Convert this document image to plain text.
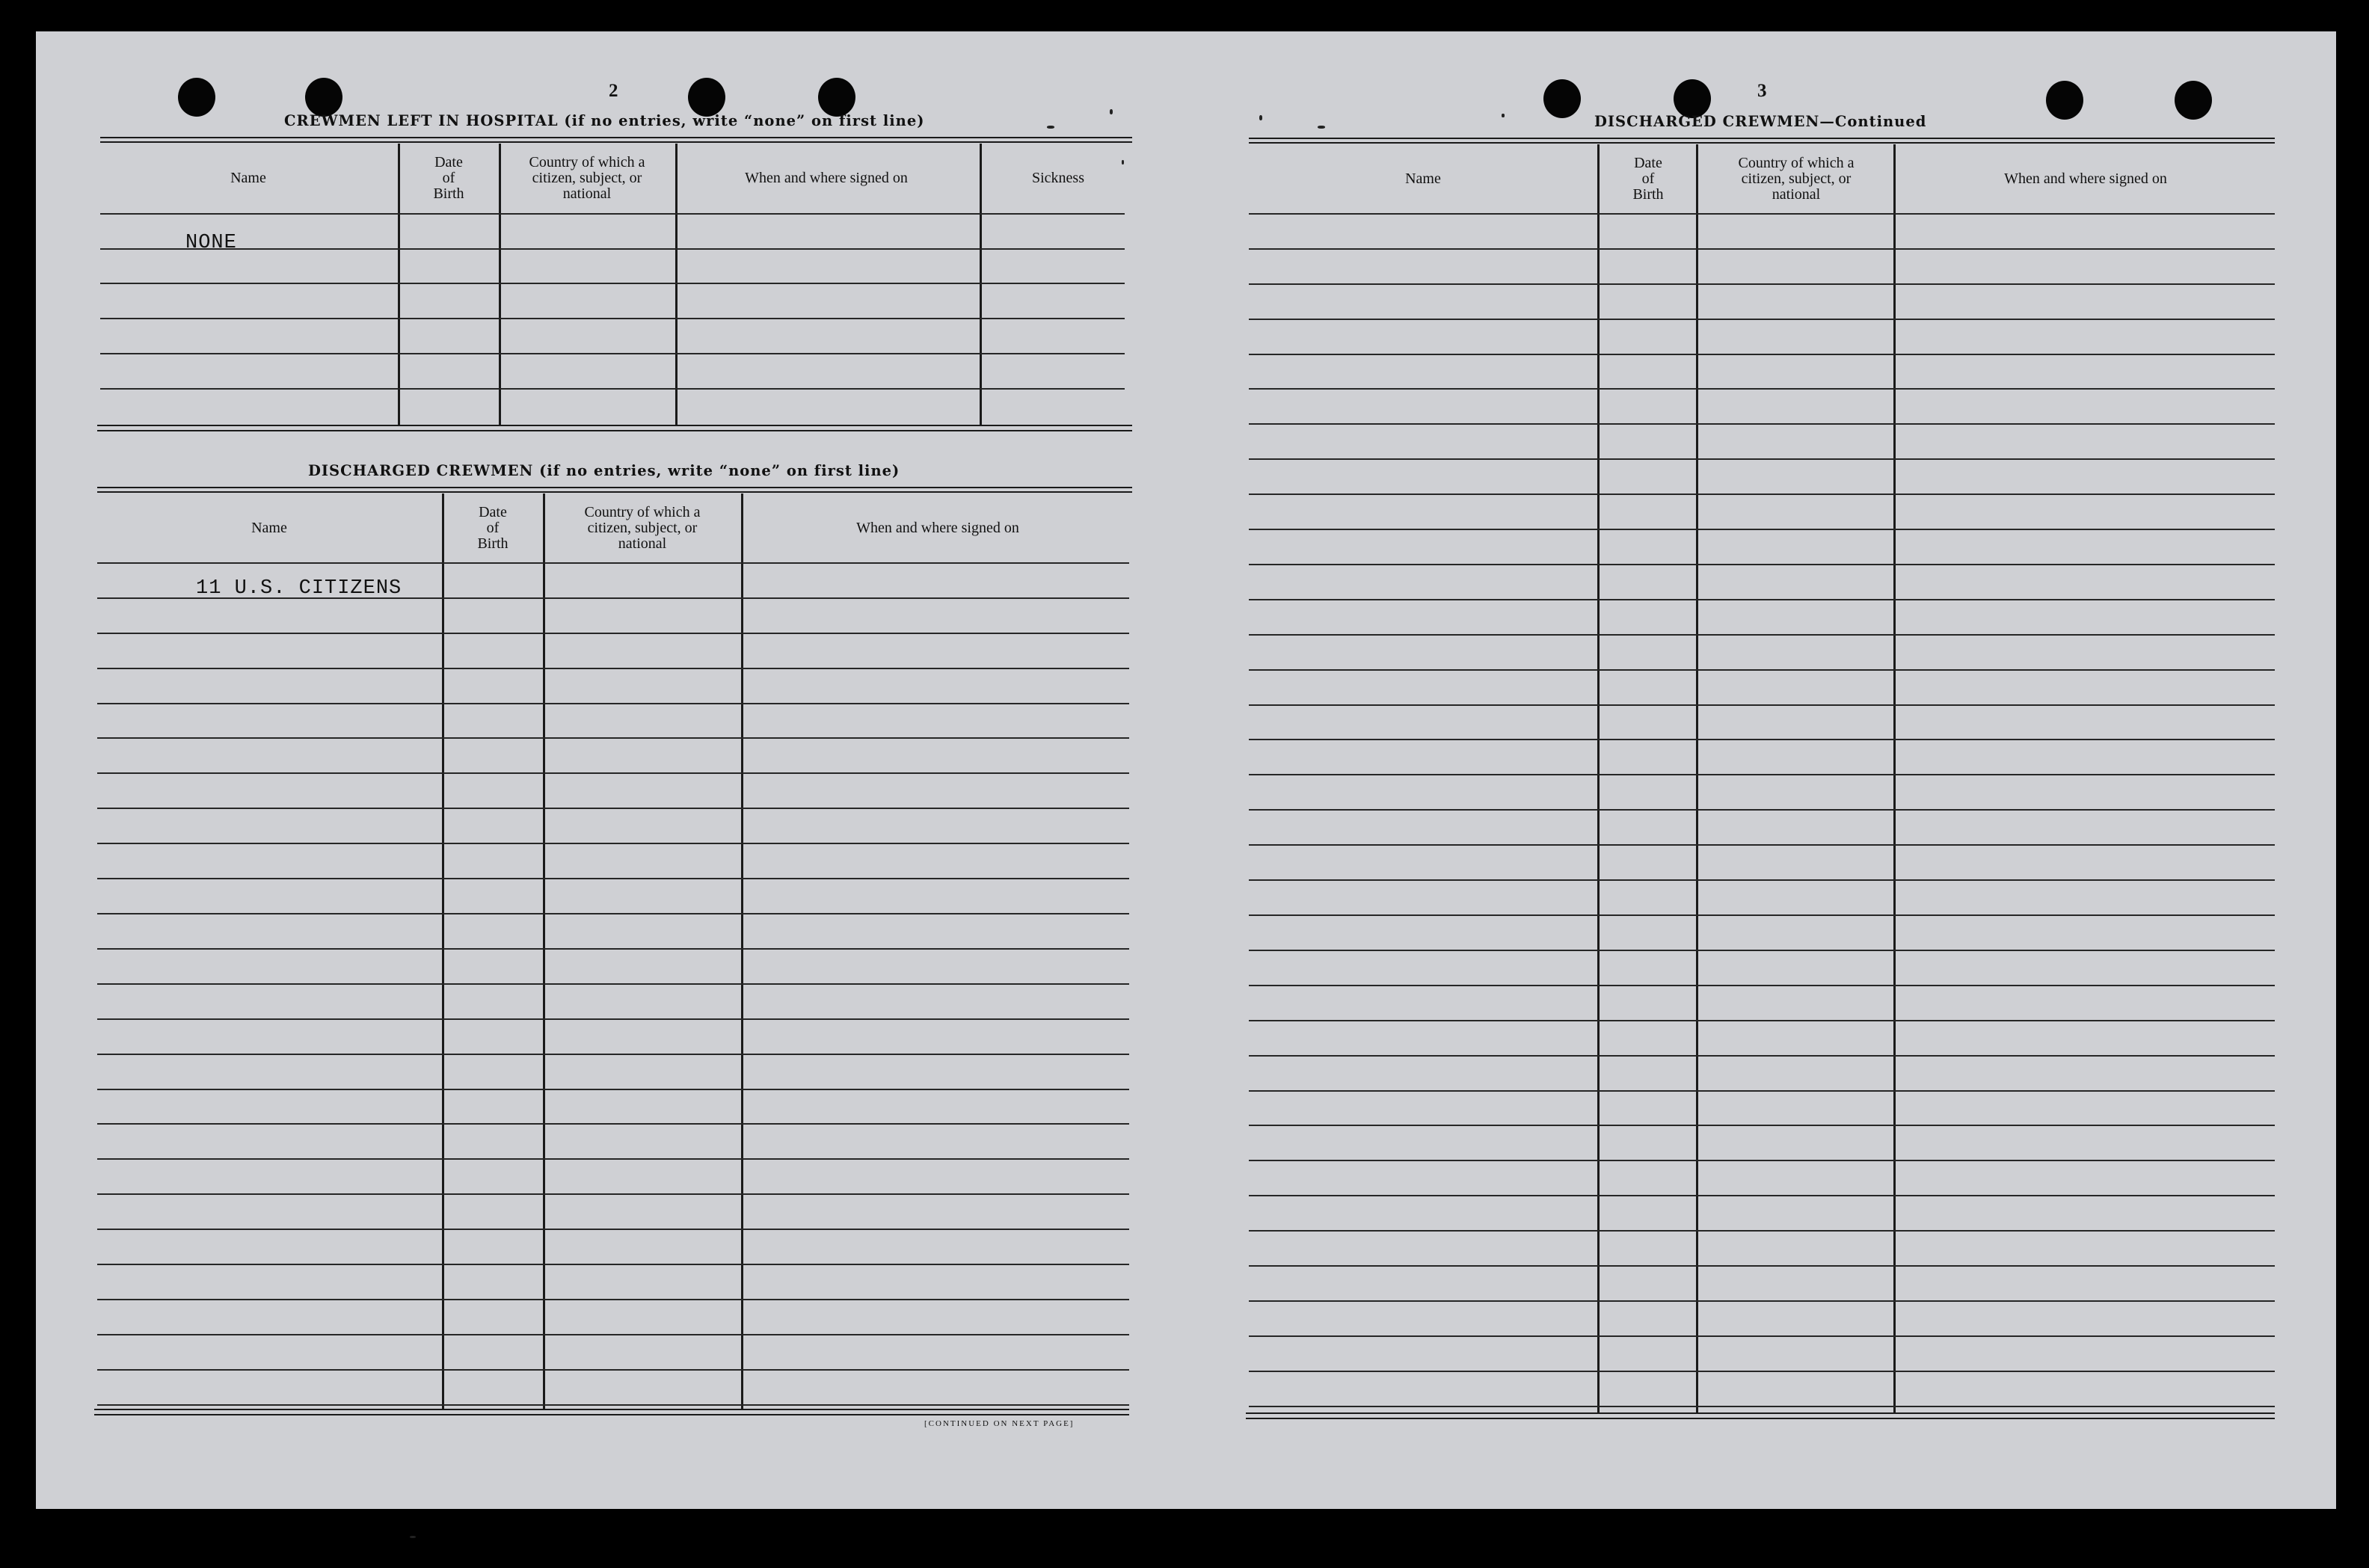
2
CREWMEN LEFT IN HOSPITAL (if no entries, write “none” on first line)
Name
Date
of
Birth
Country of which a
citizen, subject, or
national
When and where signed on	Sickness
NONE
DISCHARGED CREWMEN (if no entries, write “none” on first line)
Name
Date
of
Birth
Country of which a
citizen, subject, or
national
When and where signed on
11 U.S. CITIZENS
[CONTINUED ON NEXT PAGE]
3
DISCHARGED CREWMEN—Continued
Name
Date
of
Birth
Country of which a
citizen, subject, or
national
When and where signed on
